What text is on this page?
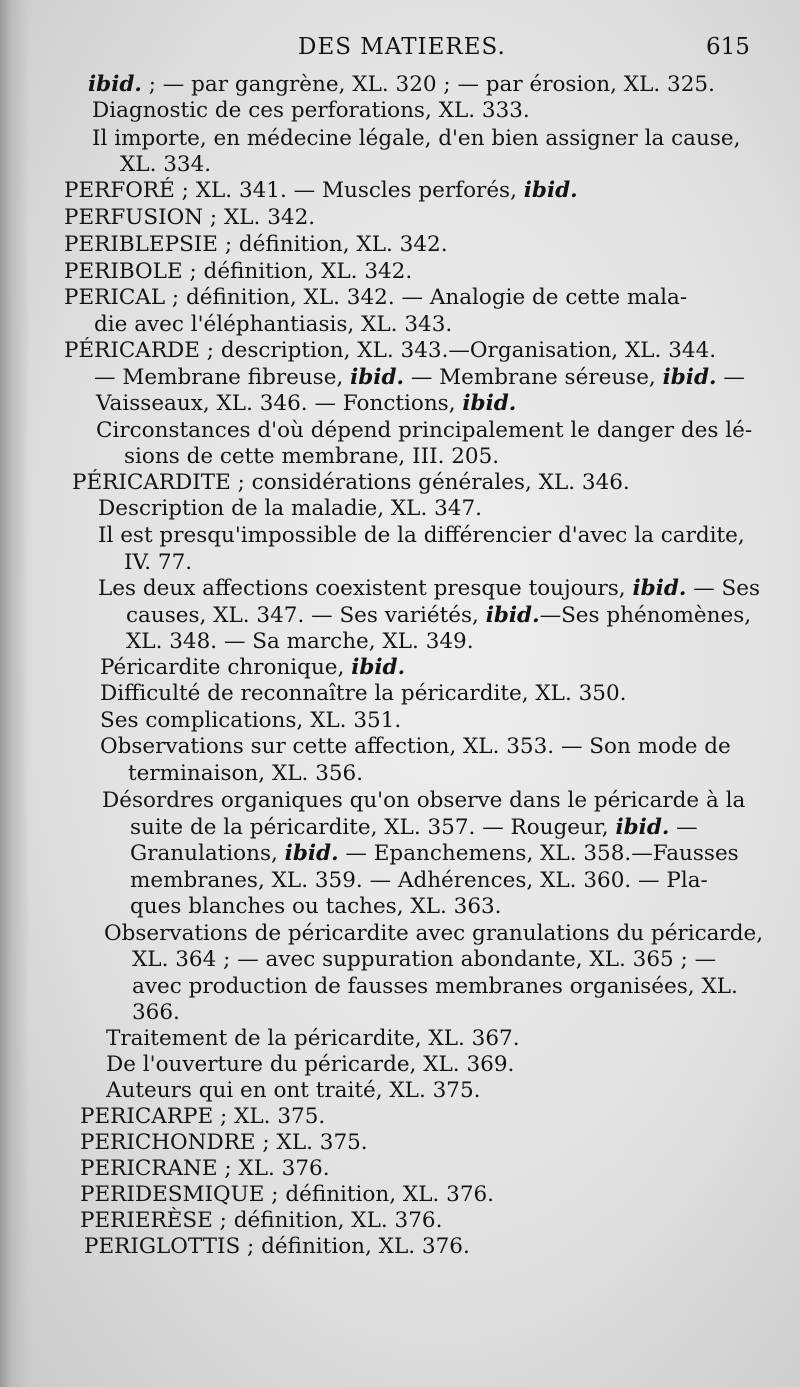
DES MATIERES.	615
ibid. ; — par gangrène, XL. 320 ; — par érosion, XL. 325.
Diagnostic de ces perforations, XL. 333.
Il importe, en médecine légale, d'en bien assigner la cause,
XL. 334.
PERFORÉ ; XL. 341. — Muscles perforés, ibid.
PERFUSION ; XL. 342.
PERIBLEPSIE ; définition, XL. 342.
PERIBOLE ; définition, XL. 342.
PERICAL ; définition, XL. 342. — Analogie de cette mala-
die avec l'éléphantiasis, XL. 343.
PÉRICARDE ; description, XL. 343.—Organisation, XL. 344.
— Membrane fibreuse, ibid. — Membrane séreuse, ibid. —
Vaisseaux, XL. 346. — Fonctions, ibid.
Circonstances d'où dépend principalement le danger des lé-
sions de cette membrane, III. 205.
PÉRICARDITE ; considérations générales, XL. 346.
Description de la maladie, XL. 347.
Il est presqu'impossible de la différencier d'avec la cardite,
IV. 77.
Les deux affections coexistent presque toujours, ibid. — Ses
causes, XL. 347. — Ses variétés, ibid.—Ses phénomènes,
XL. 348. — Sa marche, XL. 349.
Péricardite chronique, ibid.
Difficulté de reconnaître la péricardite, XL. 350.
Ses complications, XL. 351.
Observations sur cette affection, XL. 353. — Son mode de
terminaison, XL. 356.
Désordres organiques qu'on observe dans le péricarde à la
suite de la péricardite, XL. 357. — Rougeur, ibid. —
Granulations, ibid. — Epanchemens, XL. 358.—Fausses
membranes, XL. 359. — Adhérences, XL. 360. — Pla-
ques blanches ou taches, XL. 363.
Observations de péricardite avec granulations du péricarde,
XL. 364 ; — avec suppuration abondante, XL. 365 ; —
avec production de fausses membranes organisées, XL.
366.
Traitement de la péricardite, XL. 367.
De l'ouverture du péricarde, XL. 369.
Auteurs qui en ont traité, XL. 375.
PERICARPE ; XL. 375.
PERICHONDRE ; XL. 375.
PERICRANE ; XL. 376.
PERIDESMIQUE ; définition, XL. 376.
PERIERÈSE ; définition, XL. 376.
PERIGLOTTIS ; définition, XL. 376.
